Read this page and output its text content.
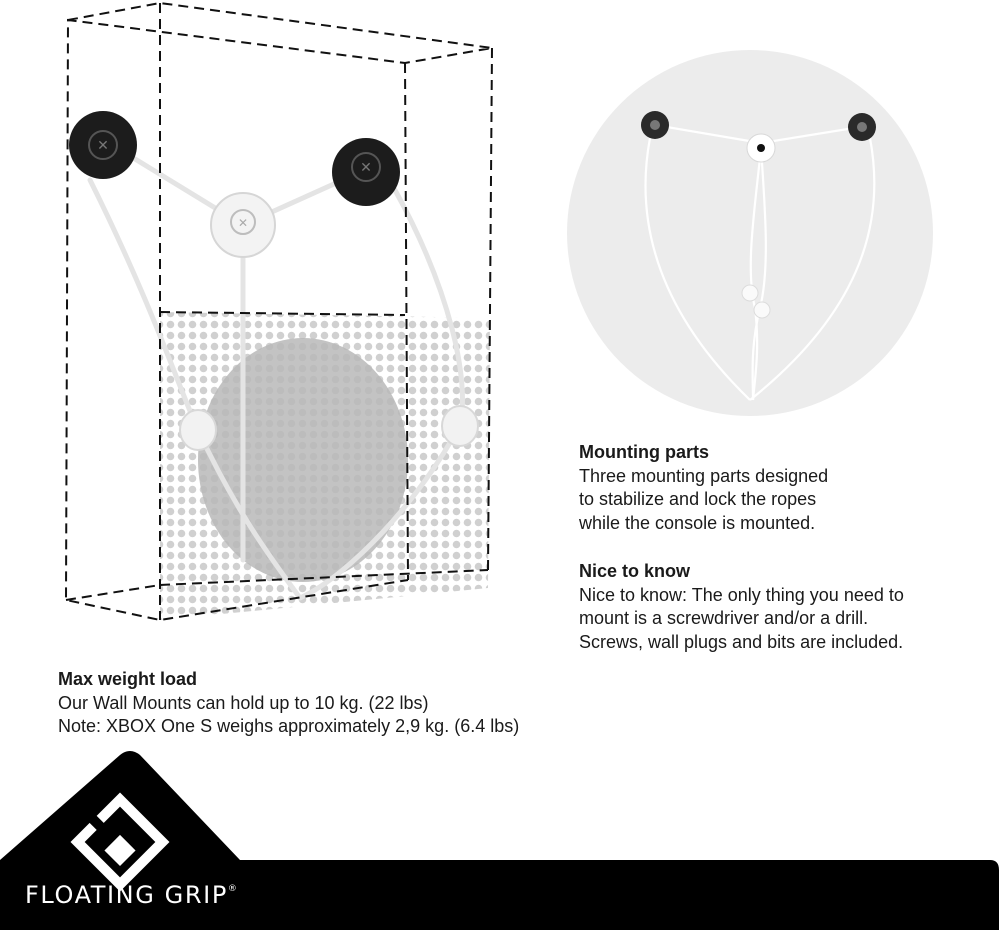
✕
✕
✕
Mounting parts
Three mounting parts designed
to stabilize and lock the ropes
while the console is mounted.
Nice to know
Nice to know: The only thing you need to
mount is a screwdriver and/or a drill.
Screws, wall plugs and bits are included.
Max weight load
Our Wall Mounts can hold up to 10 kg. (22 lbs)
Note: XBOX One S weighs approximately 2,9 kg. (6.4 lbs)
FLOATING GRIP®
